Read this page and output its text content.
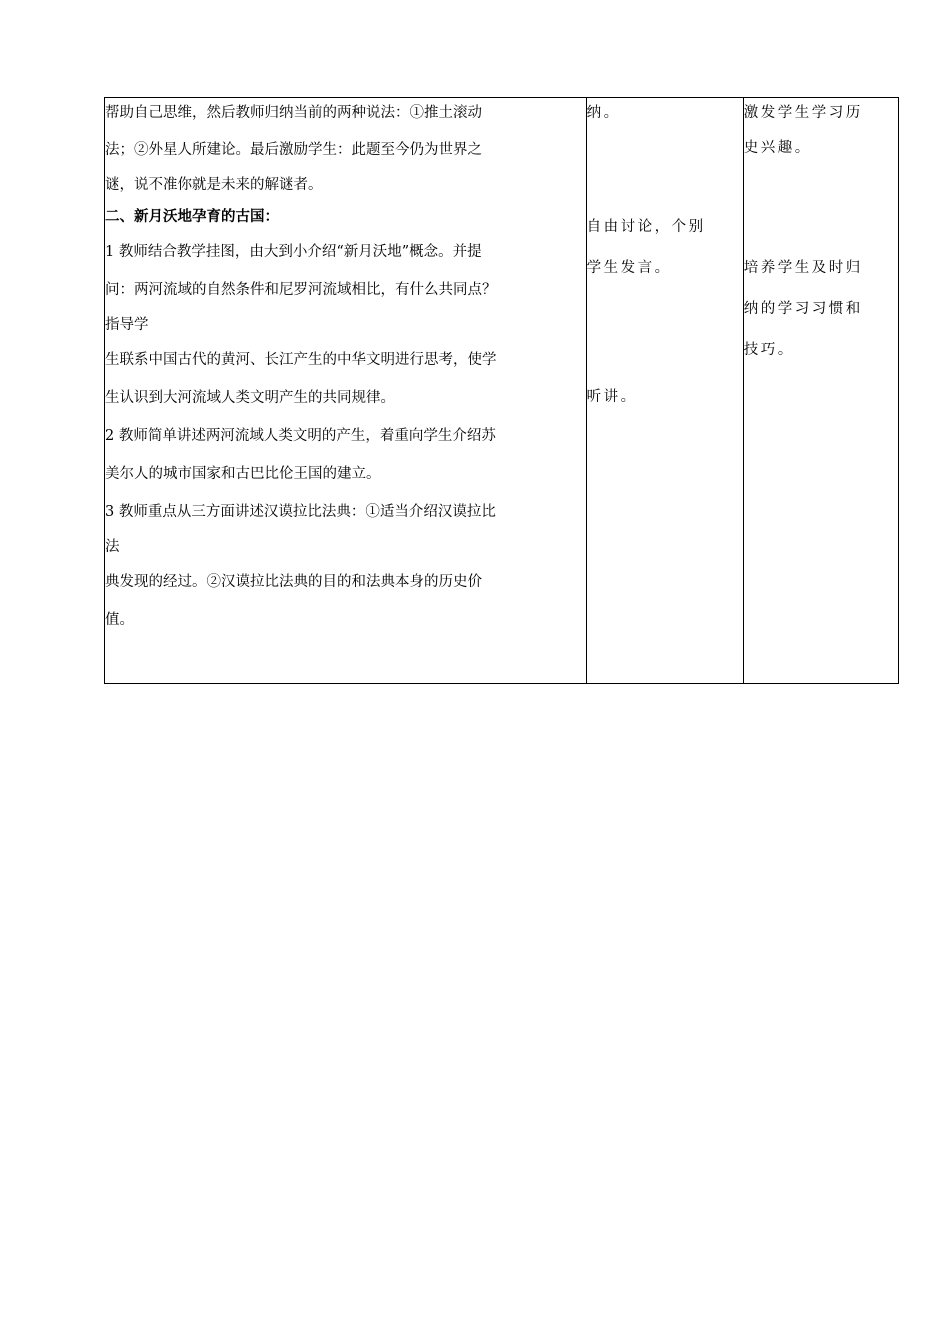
帮助自己思维，然后教师归纳当前的两种说法：①推土滚动
法；②外星人所建论。最后激励学生：此题至今仍为世界之
谜，说不准你就是未来的解谜者。
二、新月沃地孕育的古国：
1 教师结合教学挂图，由大到小介绍“新月沃地”概念。并提
问：两河流域的自然条件和尼罗河流域相比，有什么共同点？
指导学
生联系中国古代的黄河、长江产生的中华文明进行思考，使学
生认识到大河流域人类文明产生的共同规律。
2 教师简单讲述两河流域人类文明的产生，着重向学生介绍苏
美尔人的城市国家和古巴比伦王国的建立。
3 教师重点从三方面讲述汉谟拉比法典：①适当介绍汉谟拉比
法
典发现的经过。②汉谟拉比法典的目的和法典本身的历史价
值。

纳。
自由讨论，个别
学生发言。
听讲。

激发学生学习历
史兴趣。
培养学生及时归
纳的学习习惯和
技巧。
